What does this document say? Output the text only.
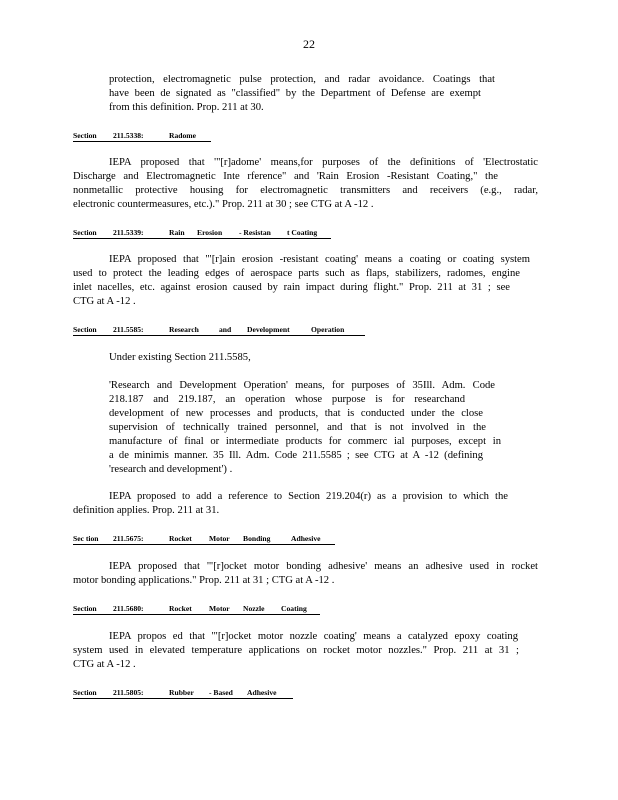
22
protection, electromagnetic pulse protection, and radar avoidance. Coatings that
have been de signated as "classified" by the Department of Defense are exempt
from this definition. Prop. 211 at 30.
Section 211.5338:	Radome
IEPA proposed that '"[r]adome' means,for purposes of the definitions of 'Electrostatic
Discharge and Electromagnetic Inte rference" and 'Rain Erosion -Resistant Coating," the
nonmetallic protective housing for electromagnetic transmitters and receivers (e.g., radar,
electronic countermeasures, etc.)." Prop. 211 at 30 ; see CTG at A -12 .
Section 211.5339:	Rain Erosion - Resistan t Coating
IEPA proposed that '"[r]ain erosion -resistant coating' means a coating or coating system
used to protect the leading edges of aerospace parts such as flaps, stabilizers, radomes, engine
inlet nacelles, etc. against erosion caused by rain impact during flight." Prop. 211 at 31 ; see
CTG at A -12 .
Section 211.5585:	Research	and Development	Operation
Under existing Section 211.5585,
'Research and Development Operation' means, for purposes of 35Ill. Adm. Code
218.187 and 219.187, an operation whose purpose is for researchand
development of new processes and products, that is conducted under the close
supervision of technically trained personnel, and that is not involved in the
manufacture of final or intermediate products for commerc ial purposes, except in
a de minimis manner. 35 Ill. Adm. Code 211.5585 ; see CTG at A -12 (defining
'research and development') .
IEPA proposed to add a reference to Section 219.204(r) as a provision to which the
definition applies. Prop. 211 at 31.
Sec tion 211.5675:	Rocket Motor Bonding	Adhesive
IEPA proposed that '"[r]ocket motor bonding adhesive' means an adhesive used in rocket
motor bonding applications." Prop. 211 at 31 ; CTG at A -12 .
Section 211.5680:	Rocket Motor Nozzle Coating
IEPA propos ed that '"[r]ocket motor nozzle coating' means a catalyzed epoxy coating
system used in elevated temperature applications on rocket motor nozzles." Prop. 211 at 31 ;
CTG at A -12 .
Section 211.5805:	Rubber - Based Adhesive
